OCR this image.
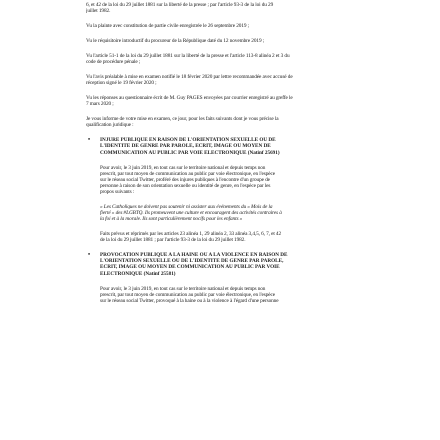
6, et 42 de la loi du 29 juillet 1881 sur la liberté de la presse ; par l'article 93-3 de la loi du 29

juillet 1982.

Vu la plainte avec constitution de partie civile enregistrée le 26 septembre 2019 ;

Vu le réquisitoire introductif du procureur de la République daté du 12 novembre 2019 ;

Vu l'article 51-1 de la loi du 29 juillet 1881 sur la liberté de la presse et l'article 113-8 alinéa 2 et 3 du

code de procédure pénale ;

Vu l'avis préalable à mise en examen notifié le 18 février 2020 par lettre recommandée avec accusé de

réception signé le 19 février 2020 ;

Vu les réponses au questionnaire écrit de M. Guy PAGES envoyées par courrier enregistré au greffe le

7 mars 2020 ;

Je vous informe de votre mise en examen, ce jour, pour les faits suivants dont je vous précise la

qualification juridique :

• INJURE PUBLIQUE EN RAISON DE L'ORIENTATION SEXUELLE OU DE

L'IDENTITE DE GENRE PAR PAROLE, ECRIT, IMAGE OU MOYEN DE

COMMUNICATION AU PUBLIC PAR VOIE ELECTRONIQUE (Natinf 25691)

Pour avoir, le 3 juin 2019, en tout cas sur le territoire national et depuis temps non

prescrit, par tout moyen de communication au public par voie électronique, en l'espèce

sur le réseau social Twitter, proféré des injures publiques à l'encontre d'un groupe de

personne à raison de son orientation sexuelle ou identité de genre, en l'espèce par les

propos suivants :

« Les Catholiques ne doivent pas soutenir ni assister aux événements du « Mois de la

fierté » des #LGBTQ. Ils promeuvent une culture et encouragent des activités contraires à

la foi et à la morale. Ils sont particulièrement nocifs pour les enfants »

Faits prévus et réprimés par les articles 23 alinéa 1, 29 alinéa 2, 33 alinéa 3,4,5, 6, 7, et 42

de la loi du 29 juillet 1881 ; par l'article 93-3 de la loi du 29 juillet 1982.

• PROVOCATION PUBLIQUE A LA HAINE OU A LA VIOLENCE EN RAISON DE

L'ORIENTATION SEXUELLE OU DE L'IDENTITE DE GENRE PAR PAROLE,

ECRIT, IMAGE OU MOYEN DE COMMUNICATION AU PUBLIC PAR VOIE

ELECTRONIQUE (Natinf 25581)

Pour avoir, le 3 juin 2019, en tout cas sur le territoire national et depuis temps non

prescrit, par tout moyen de communication au public par voie électronique, en l'espèce

sur le réseau social Twitter, provoqué à la haine ou à la violence à l'égard d'une personne
